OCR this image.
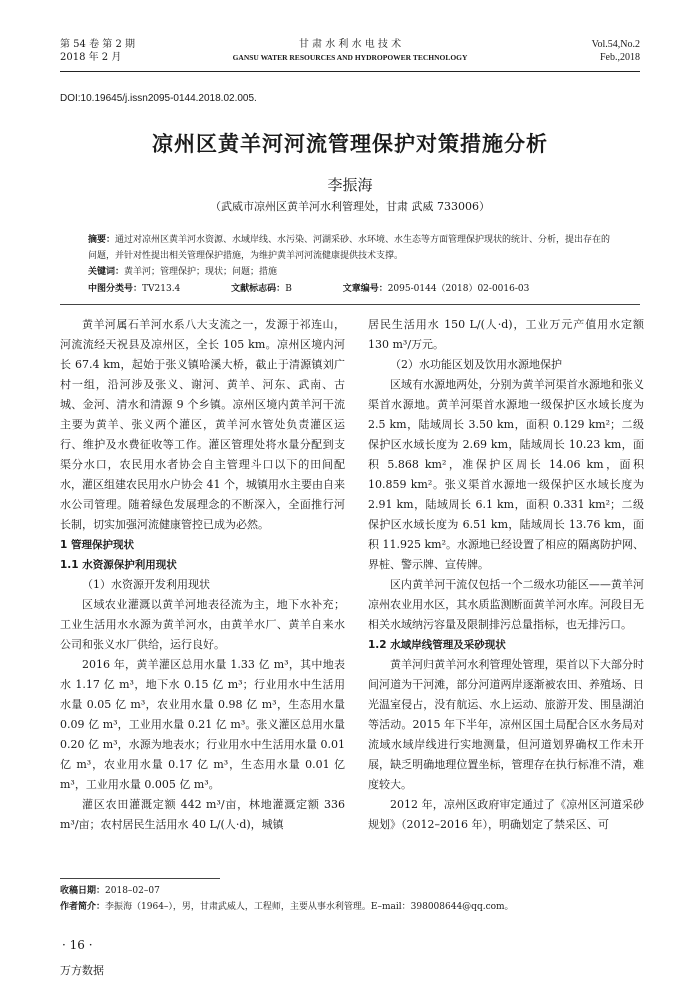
第 54 卷 第 2 期
2018 年 2 月
甘 肃 水 利 水 电 技 术
GANSU WATER RESOURCES AND HYDROPOWER TECHNOLOGY
Vol.54,No.2
Feb.,2018
DOI:10.19645/j.issn2095-0144.2018.02.005.
凉州区黄羊河河流管理保护对策措施分析
李振海
（武威市凉州区黄羊河水利管理处，甘肃 武威 733006）
摘要：通过对凉州区黄羊河水资源、水域岸线、水污染、河湖采砂、水环境、水生态等方面管理保护现状的统计、分析，提出存在的问题，并针对性提出相关管理保护措施，为维护黄羊河河流健康提供技术支撑。
关键词：黄羊河；管理保护；现状；问题；措施
中图分类号：TV213.4	文献标志码：B	文章编号：2095-0144（2018）02-0016-03

黄羊河属石羊河水系八大支流之一，发源于祁连山，河流流经天祝县及凉州区，全长 105 km。凉州区境内河长 67.4 km，起始于张义镇哈溪大桥，截止于清源镇刘广村一组，沿河涉及张义、谢河、黄羊、河东、武南、古城、金河、清水和清源 9 个乡镇。凉州区境内黄羊河干流主要为黄羊、张义两个灌区，黄羊河水管处负责灌区运行、维护及水费征收等工作。灌区管理处将水量分配到支渠分水口，农民用水者协会自主管理斗口以下的田间配水，灌区组建农民用水户协会 41 个，城镇用水主要由自来水公司管理。随着绿色发展理念的不断深入，全面推行河长制，切实加强河流健康管控已成为必然。

1 管理保护现状

1.1 水资源保护利用现状

（1）水资源开发利用现状

区域农业灌溉以黄羊河地表径流为主，地下水补充；工业生活用水水源为黄羊河水，由黄羊水厂、黄羊自来水公司和张义水厂供给，运行良好。

2016 年，黄羊灌区总用水量 1.33 亿 m³，其中地表水 1.17 亿 m³，地下水 0.15 亿 m³；行业用水中生活用水量 0.05 亿 m³，农业用水量 0.98 亿 m³，生态用水量 0.09 亿 m³，工业用水量 0.21 亿 m³。张义灌区总用水量 0.20 亿 m³，水源为地表水；行业用水中生活用水量 0.01 亿 m³，农业用水量 0.17 亿 m³，生态用水量 0.01 亿 m³，工业用水量 0.005 亿 m³。

灌区农田灌溉定额 442 m³/亩，林地灌溉定额 336 m³/亩；农村居民生活用水 40 L/(人·d)，城镇

居民生活用水 150 L/(人·d)，工业万元产值用水定额 130 m³/万元。

（2）水功能区划及饮用水源地保护

区域有水源地两处，分别为黄羊河渠首水源地和张义渠首水源地。黄羊河渠首水源地一级保护区水域长度为 2.5 km，陆域周长 3.50 km，面积 0.129 km²；二级保护区水域长度为 2.69 km，陆域周长 10.23 km，面积 5.868 km²，准保护区周长 14.06 km，面积 10.859 km²。张义渠首水源地一级保护区水域长度为 2.91 km，陆域周长 6.1 km，面积 0.331 km²；二级保护区水域长度为 6.51 km，陆域周长 13.76 km，面积 11.925 km²。水源地已经设置了相应的隔离防护网、界桩、警示牌、宣传牌。

区内黄羊河干流仅包括一个二级水功能区——黄羊河凉州农业用水区，其水质监测断面黄羊河水库。河段目无相关水域纳污容量及限制排污总量指标，也无排污口。

1.2 水域岸线管理及采砂现状

黄羊河归黄羊河水利管理处管理，渠首以下大部分时间河道为干河滩，部分河道两岸逐渐被农田、养殖场、日光温室侵占，没有航运、水上运动、旅游开发、围垦湖泊等活动。2015 年下半年，凉州区国土局配合区水务局对流域水域岸线进行实地测量，但河道划界确权工作未开展，缺乏明确地理位置坐标，管理存在执行标准不清，难度较大。

2012 年，凉州区政府审定通过了《凉州区河道采砂规划》（2012–2016 年），明确划定了禁采区、可

收稿日期：2018–02–07
作者简介：李振海（1964–），男，甘肃武威人，工程师，主要从事水利管理。E–mail：398008644@qq.com。
· 16 ·
万方数据
